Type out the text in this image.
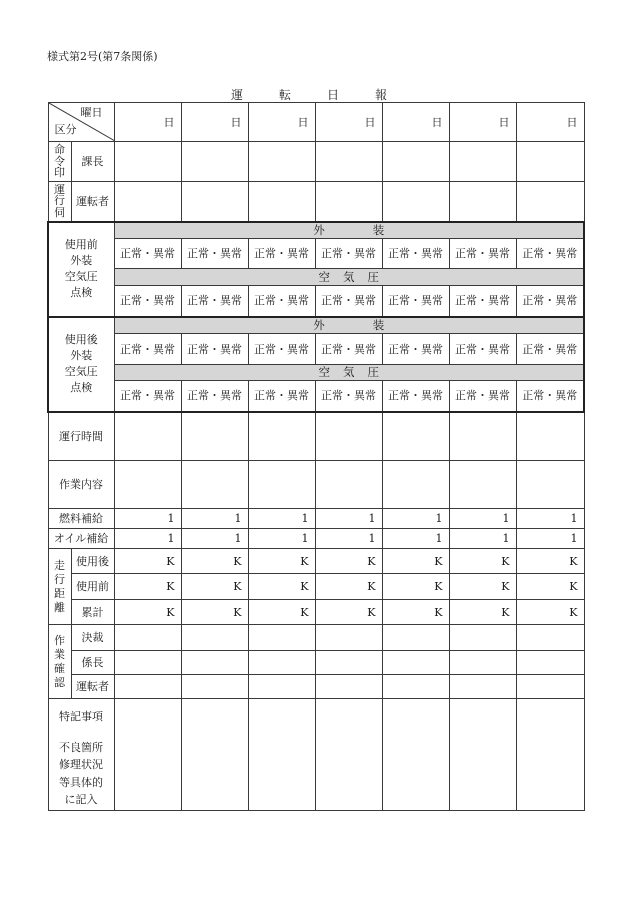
様式第2号(第7条関係)
運転日報
曜日
区分		日	日	日	日	日	日	日
命令印	課長							
運行伺	運転者							

使用前
外装
空気圧
点検		外装						
		正常・異常	正常・異常	正常・異常	正常・異常	正常・異常	正常・異常	正常・異常
		空気圧						
		正常・異常	正常・異常	正常・異常	正常・異常	正常・異常	正常・異常	正常・異常

使用後
外装
空気圧
点検		外装						
		正常・異常	正常・異常	正常・異常	正常・異常	正常・異常	正常・異常	正常・異常
		空気圧						
		正常・異常	正常・異常	正常・異常	正常・異常	正常・異常	正常・異常	正常・異常
運行時間								
作業内容								
燃料補給		1	1	1	1	1	1	1
オイル補給		1	1	1	1	1	1	1
走行距離	使用後	K	K	K	K	K	K	K
	使用前	K	K	K	K	K	K	K
	累計	K	K	K	K	K	K	K
作業確認	決裁							
	係長							
	運転者							

特記事項
不良箇所
修理状況
等具体的
に記入								
